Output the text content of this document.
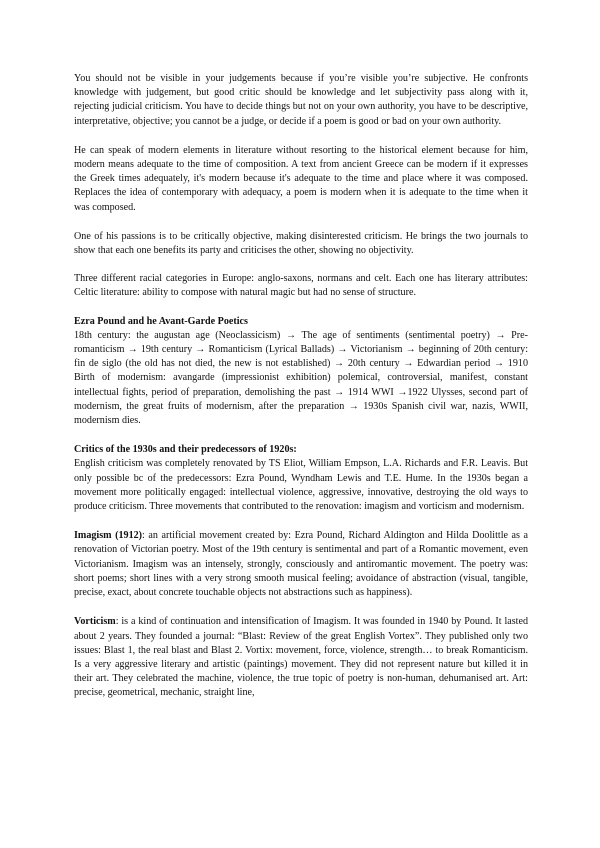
You should not be visible in your judgements because if you’re visible you’re subjective. He confronts knowledge with judgement, but good critic should be knowledge and let subjectivity pass along with it, rejecting judicial criticism. You have to decide things but not on your own authority, you have to be descriptive, interpretative, objective; you cannot be a judge, or decide if a poem is good or bad on your own authority.

He can speak of modern elements in literature without resorting to the historical element because for him, modern means adequate to the time of composition. A text from ancient Greece can be modern if it expresses the Greek times adequately, it's modern because it's adequate to the time and place where it was composed. Replaces the idea of contemporary with adequacy, a poem is modern when it is adequate to the time when it was composed.

One of his passions is to be critically objective, making disinterested criticism. He brings the two journals to show that each one benefits its party and criticises the other, showing no objectivity.

Three different racial categories in Europe: anglo-saxons, normans and celt. Each one has literary attributes: Celtic literature: ability to compose with natural magic but had no sense of structure.

Ezra Pound and he Avant-Garde Poetics

18th century: the augustan age (Neoclassicism) → The age of sentiments (sentimental poetry) → Pre-romanticism → 19th century → Romanticism (Lyrical Ballads) → Victorianism → beginning of 20th century: fin de siglo (the old has not died, the new is not established) → 20th century → Edwardian period → 1910 Birth of modernism: avangarde (impressionist exhibition) polemical, controversial, manifest, constant intellectual fights, period of preparation, demolishing the past → 1914 WWI →1922 Ulysses, second part of modernism, the great fruits of modernism, after the preparation → 1930s Spanish civil war, nazis, WWII, modernism dies.

Critics of the 1930s and their predecessors of 1920s:

English criticism was completely renovated by TS Eliot, William Empson, L.A. Richards and F.R. Leavis. But only possible bc of the predecessors: Ezra Pound, Wyndham Lewis and T.E. Hume. In the 1930s began a movement more politically engaged: intellectual violence, aggressive, innovative, destroying the old ways to produce criticism. Three movements that contributed to the renovation: imagism and vorticism and modernism.

Imagism (1912): an artificial movement created by: Ezra Pound, Richard Aldington and Hilda Doolittle as a renovation of Victorian poetry. Most of the 19th century is sentimental and part of a Romantic movement, even Victorianism. Imagism was an intensely, strongly, consciously and antiromantic movement. The poetry was: short poems; short lines with a very strong smooth musical feeling; avoidance of abstraction (visual, tangible, precise, exact, about concrete touchable objects not abstractions such as happiness).

Vorticism: is a kind of continuation and intensification of Imagism. It was founded in 1940 by Pound. It lasted about 2 years. They founded a journal: “Blast: Review of the great English Vortex”. They published only two issues: Blast 1, the real blast and Blast 2. Vortix: movement, force, violence, strength… to break Romanticism. Is a very aggressive literary and artistic (paintings) movement. They did not represent nature but killed it in their art. They celebrated the machine, violence, the true topic of poetry is non-human, dehumanised art. Art: precise, geometrical, mechanic, straight line,
